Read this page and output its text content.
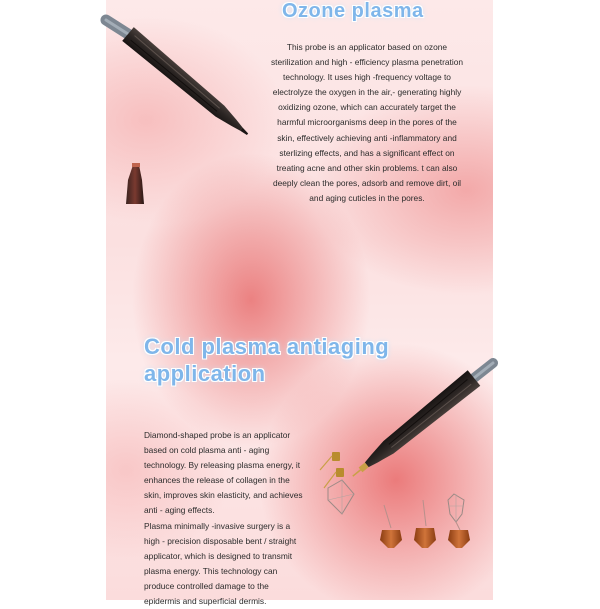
Ozone plasma

This probe is an applicator based on ozone sterilization and high - efficiency plasma penetration technology. It uses high -frequency voltage to electrolyze the oxygen in the air,- generating highly oxidizing ozone, which can accurately target the harmful microorganisms deep in the pores of the skin, effectively achieving anti -inflammatory and sterlizing effects, and has a significant effect on treating acne and other skin problems. t can also deeply clean the pores, adsorb and remove dirt, oil and aging cuticles in the pores.

Cold plasma antiaging application
Diamond-shaped probe is an applicator based on cold plasma anti - aging technology. By releasing plasma energy, it enhances the release of collagen in the skin, improves skin elasticity, and achieves anti - aging effects.
Plasma minimally -invasive surgery is a high - precision disposable bent / straight applicator, which is designed to transmit plasma energy. This technology can produce controlled damage to the epidermis and superficial dermis.
